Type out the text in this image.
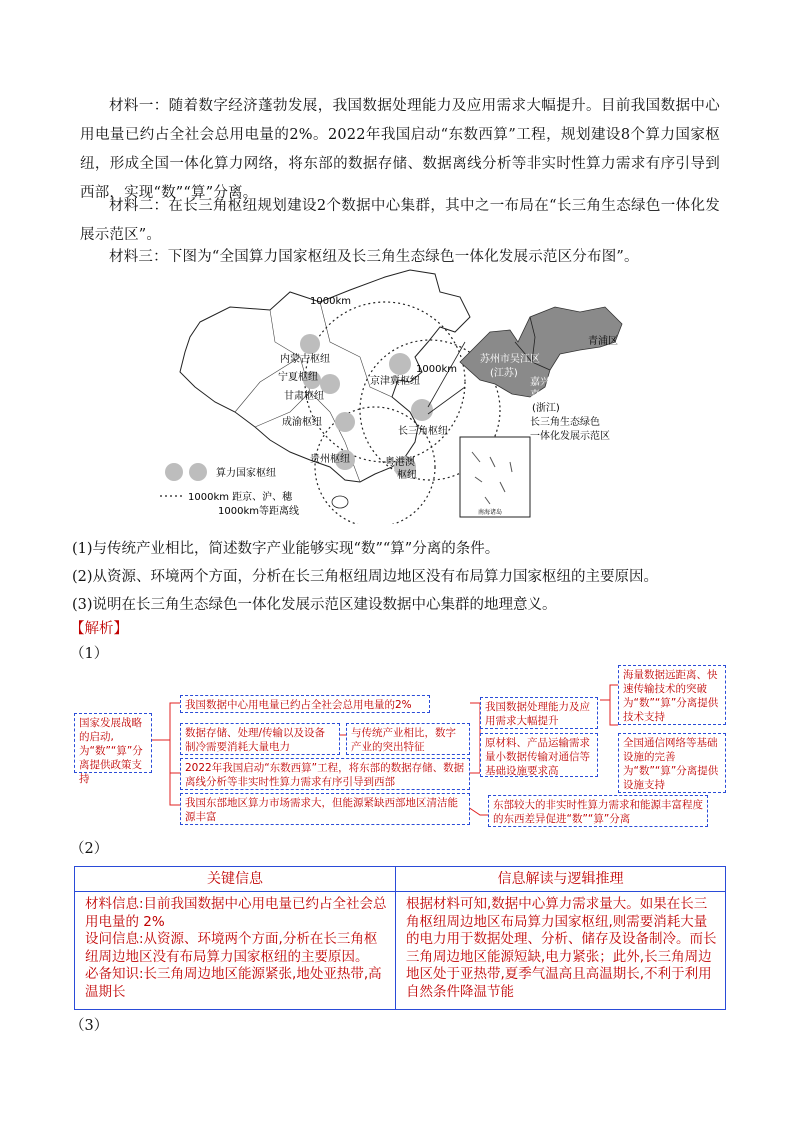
材料一：随着数字经济蓬勃发展，我国数据处理能力及应用需求大幅提升。目前我国数据中心用电量已约占全社会总用电量的2%。2022年我国启动“东数西算”工程，规划建设8个算力国家枢纽，形成全国一体化算力网络，将东部的数据存储、数据离线分析等非实时性算力需求有序引导到西部，实现“数”“算”分离。
材料二：在长三角枢纽规划建设2个数据中心集群，其中之一布局在“长三角生态绿色一体化发展示范区”。
材料三：下图为“全国算力国家枢纽及长三角生态绿色一体化发展示范区分布图”。
1000km
1000km
内蒙古枢纽
京津冀枢纽
宁夏枢纽
甘肃枢纽
成渝枢纽
长三角枢纽
贵州枢纽	粤港澳
枢纽
苏州市吴江区
(江苏)
(上海)
青浦区
嘉兴市
嘉兴县
(浙江)
长三角生态绿色
一体化发展示范区
算力国家枢纽
1000km 距京、沪、穗
1000km等距离线	南海诸岛
(1)与传统产业相比，简述数字产业能够实现“数”“算”分离的条件。
(2)从资源、环境两个方面，分析在长三角枢纽周边地区没有布局算力国家枢纽的主要原因。
(3)说明在长三角生态绿色一体化发展示范区建设数据中心集群的地理意义。
【解析】
（1）
国家发展战略的启动,为“数”“算”分离提供政策支持
我国数据中心用电量已约占全社会总用电量的2%
数据存储、处理/传输以及设备制冷需要消耗大量电力
与传统产业相比，数字产业的突出特征
2022年我国启动“东数西算”工程，将东部的数据存储、数据离线分析等非实时性算力需求有序引导到西部
我国东部地区算力市场需求大，但能源紧缺西部地区清洁能源丰富
我国数据处理能力及应用需求大幅提升
原材料、产品运输需求量小数据传输对通信等基础设施要求高
海量数据远距离、快速传输技术的突破为“数”“算”分离提供技术支持
全国通信网络等基础设施的完善为“数”“算”分离提供设施支持
东部较大的非实时性算力需求和能源丰富程度的东西差异促进“数”“算”分离
（2）
关键信息	信息解读与逻辑推理
材料信息:目前我国数据中心用电量已约占全社会总用电量的 2%
设问信息:从资源、环境两个方面,分析在长三角枢纽周边地区没有布局算力国家枢纽的主要原因。
必备知识:长三角周边地区能源紧张,地处亚热带,高温期长	根据材料可知,数据中心算力需求量大。如果在长三角枢纽周边地区布局算力国家枢纽,则需要消耗大量的电力用于数据处理、分析、储存及设备制冷。而长三角周边地区能源短缺,电力紧张；此外,长三角周边地区处于亚热带,夏季气温高且高温期长,不利于利用自然条件降温节能
（3）
